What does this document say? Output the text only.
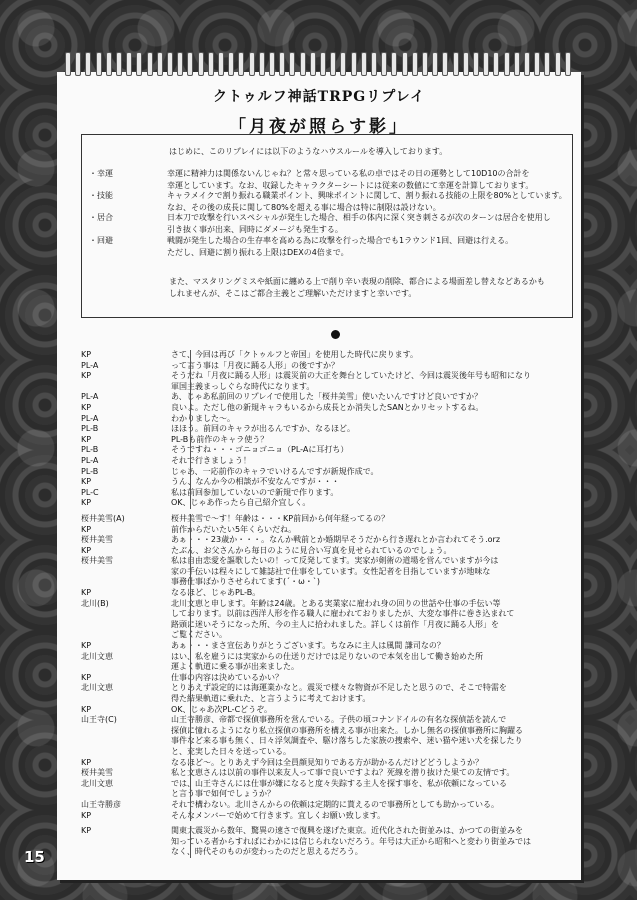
クトゥルフ神話TRPGリプレイ
「月夜が照らす影」
はじめに、このリプレイには以下のようなハウスルールを導入しております。
・幸運	幸運に精神力は関係ないんじゃね？と常々思っている私の卓ではその日の運勢として10D10の合計を
幸運としています。なお、収録したキャラクターシートには従来の数値にて幸運を計算しております。
・技能	キャラメイクで割り振れる職業ポイント、興味ポイントに関して、割り振れる技能の上限を80%としています。
なお、その後の成長に関して80%を超える事に場合は特に制限は設けない。
・居合	日本刀で攻撃を行いスペシャルが発生した場合、相手の体内に深く突き刺さるが次のターンは居合を使用し
引き抜く事が出来、同時にダメージも発生する。
・回避	戦闘が発生した場合の生存率を高める為に攻撃を行った場合でも1ラウンド1回、回避は行える。
ただし、回避に割り振れる上限はDEXの4倍まで。
また、マスタリングミスや紙面に纏める上で削り辛い表現の削除、都合による場面差し替えなどあるかも
しれませんが、そこはご都合主義とご理解いただけますと幸いです。
KP	さて、今回は再び「クトゥルフと帝国」を使用した時代に戻ります。
PL-A	って言う事は「月夜に踊る人形」の後ですか？
KP	そうだね「月夜に踊る人形」は震災前の大正を舞台としていたけど、今回は震災後年号も昭和になり
軍国主義まっしぐらな時代になります。
PL-A	あ、じゃあ私前回のリプレイで使用した「桜井美雪」使いたいんですけど良いですか？
KP	良いよ。ただし他の新規キャラもいるから成長とか消失したSANとかリセットするね。
PL-A	わかりました～。
PL-B	ほほう。前回のキャラが出るんですか、なるほど。
KP	PL-Bも前作のキャラ使う？
PL-B	そうですね・・・ゴニョゴニョ（PL-Aに耳打ち）
PL-A	それで行きましょう！
PL-B	じゃあ、一応前作のキャラでいけるんですが新規作成で。
KP	うん、なんか今の相談が不安なんですが・・・
PL-C	私は前回参加していないので新規で作ります。
KP	OK、じゃあ作ったら自己紹介宜しく。
桜井美雪(A)	桜井美雪で～す！年齢は・・・KP前回から何年経ってるの？
KP	前作からだいたい5年くらいだね。
桜井美雪	あぁ・・・23歳か・・・。なんか戦前とか婚期早そうだから行き遅れとか言われてそう.orz
KP	たぶん、お父さんから毎日のように見合い写真を見せられているのでしょう。
桜井美雪	私は自由恋愛を謳歌したいの！って反発してます。実家が剣術の道場を営んでいますが今は
家の手伝いは程々にして雑誌社で仕事をしています。女性記者を目指していますが地味な
事務仕事ばかりさせられてます(´・ω・`)
KP	なるほど、じゃあPL-B。
北川(B)	北川文恵と申します。年齢は24歳。とある実業家に雇われ身の回りの世話や仕事の手伝い等
しております。以前は西洋人形を作る職人に雇われておりましたが、大変な事件に巻き込まれて
路頭に迷いそうになった所、今の主人に拾われました。詳しくは前作「月夜に踊る人形」を
ご覧ください。
KP	あぁ・・・まさ宣伝ありがとうございます。ちなみに主人は風間 謙司なの？
北川文恵	はい、私を雇うには実家からの仕送りだけでは足りないので本気を出して働き始めた所
運よく軌道に乗る事が出来ました。
KP	仕事の内容は決めているかい？
北川文恵	とりあえず設定的には海運業かなと。震災で様々な物資が不足したと思うので、そこで特需を
得た結果軌道に乗れた、と言うように考えておけます。
KP	OK、じゃあ次PL-Cどうぞ。
山王寺(C)	山王寺勝彦、帝都で探偵事務所を営んでいる。子供の頃コナンドイルの有名な探偵話を読んで
探偵に憧れるようになり私立探偵の事務所を構える事が出来た。しかし無名の探偵事務所に胸躍る
事件など来る事も無く、日々浮気調査や、駆け落ちした家族の捜索や、迷い猫や迷い犬を探したり
と、充実した日々を送っている。
KP	なるほど～。とりあえず今回は全員顔見知りである方が助かるんだけどどうしようか？
桜井美雪	私と文恵さんは以前の事件以来友人って事で良いですよね？死線を潜り抜けた果ての友情です。
北川文恵	では、山王寺さんには仕事が嫌になると度々失踪する主人を探す事を、私が依頼になっている
と言う事で如何でしょうか？
山王寺勝彦	それで構わない。北川さんからの依頼は定期的に貰えるので事務所としても助かっている。
KP	そんなメンバーで始めて行きます。宜しくお願い致します。
KP	関東大震災から数年、驚異の速さで復興を遂げた東京。近代化された街並みは、かつての街並みを
知っている者からすればにわかには信じられないだろう。年号は大正から昭和へと変わり街並みでは
なく、時代そのものが変わったのだと思えるだろう。
15
